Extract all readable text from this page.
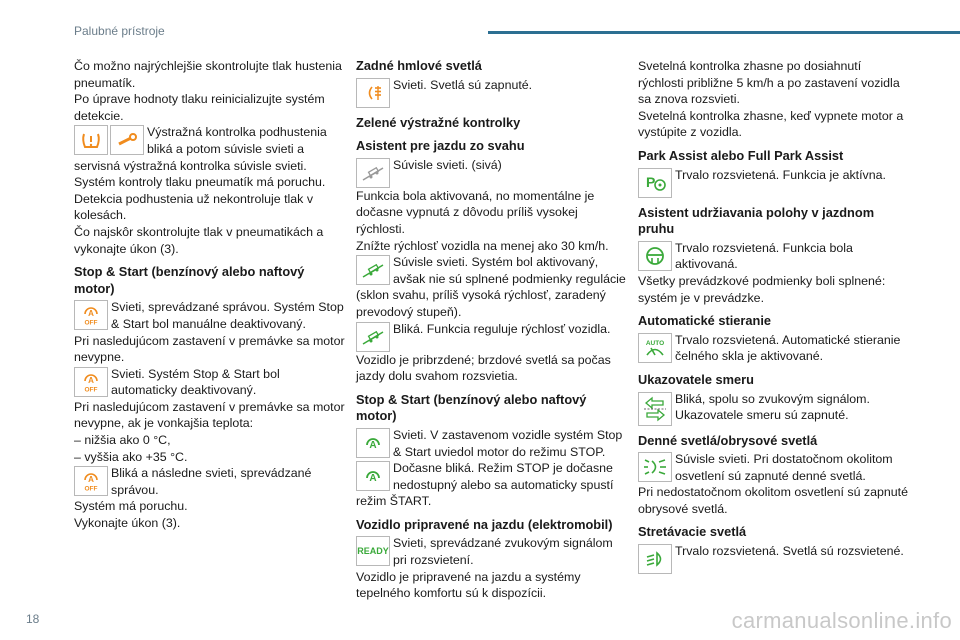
Palubné prístroje

Čo možno najrýchlejšie skontrolujte tlak hustenia pneumatík.

Po úprave hodnoty tlaku reinicializujte systém detekcie.

Výstražná kontrolka podhustenia bliká a potom súvisle svieti a servisná výstražná kontrolka súvisle svieti.

Systém kontroly tlaku pneumatík má poruchu.

Detekcia podhustenia už nekontroluje tlak v kolesách.

Čo najskôr skontrolujte tlak v pneumatikách a vykonajte úkon (3).

Stop & Start (benzínový alebo naftový motor)
A
OFF
Svieti, sprevádzané správou. Systém Stop & Start bol manuálne deaktivovaný.

Pri nasledujúcom zastavení v premávke sa motor nevypne.

A
OFF
Svieti. Systém Stop & Start bol automaticky deaktivovaný.

Pri nasledujúcom zastavení v premávke sa motor nevypne, ak je vonkajšia teplota:

– nižšia ako 0 °C,

– vyššia ako +35 °C.

A
OFF
Bliká a následne svieti, sprevádzané správou.

Systém má poruchu.

Vykonajte úkon (3).

Zadné hmlové svetlá
Svieti. Svetlá sú zapnuté.
Zelené výstražné kontrolky
Asistent pre jazdu zo svahu
Súvisle svieti. (sivá)

Funkcia bola aktivovaná, no momentálne je dočasne vypnutá z dôvodu príliš vysokej rýchlosti.

Znížte rýchlosť vozidla na menej ako 30 km/h.

Súvisle svieti. Systém bol aktivovaný, avšak nie sú splnené podmienky regulácie (sklon svahu, príliš vysoká rýchlosť, zaradený prevodový stupeň).
Bliká. Funkcia reguluje rýchlosť vozidla.

Vozidlo je pribrzdené; brzdové svetlá sa počas jazdy dolu svahom rozsvietia.

Stop & Start (benzínový alebo naftový motor)
A
Svieti. V zastavenom vozidle systém Stop & Start uviedol motor do režimu STOP.
A
Dočasne bliká. Režim STOP je dočasne nedostupný alebo sa automaticky spustí režim ŠTART.
Vozidlo pripravené na jazdu (elektromobil)
READY
Svieti, sprevádzané zvukovým signálom pri rozsvietení.

Vozidlo je pripravené na jazdu a systémy tepelného komfortu sú k dispozícii.

Svetelná kontrolka zhasne po dosiahnutí rýchlosti približne 5 km/h a po zastavení vozidla sa znova rozsvieti.

Svetelná kontrolka zhasne, keď vypnete motor a vystúpite z vozidla.

Park Assist alebo Full Park Assist
P Trvalo rozsvietená. Funkcia je aktívna.
Asistent udržiavania polohy v jazdnom pruhu
Trvalo rozsvietená. Funkcia bola aktivovaná.

Všetky prevádzkové podmienky boli splnené: systém je v prevádzke.

Automatické stieranie
AUTO Trvalo rozsvietená. Automatické stieranie čelného skla je aktivované.
Ukazovatele smeru
Bliká, spolu so zvukovým signálom. Ukazovatele smeru sú zapnuté.
Denné svetlá/obrysové svetlá
Súvisle svieti. Pri dostatočnom okolitom osvetlení sú zapnuté denné svetlá.

Pri nedostatočnom okolitom osvetlení sú zapnuté obrysové svetlá.

Stretávacie svetlá
Trvalo rozsvietená. Svetlá sú rozsvietené.
18	carmanualsonline.info
